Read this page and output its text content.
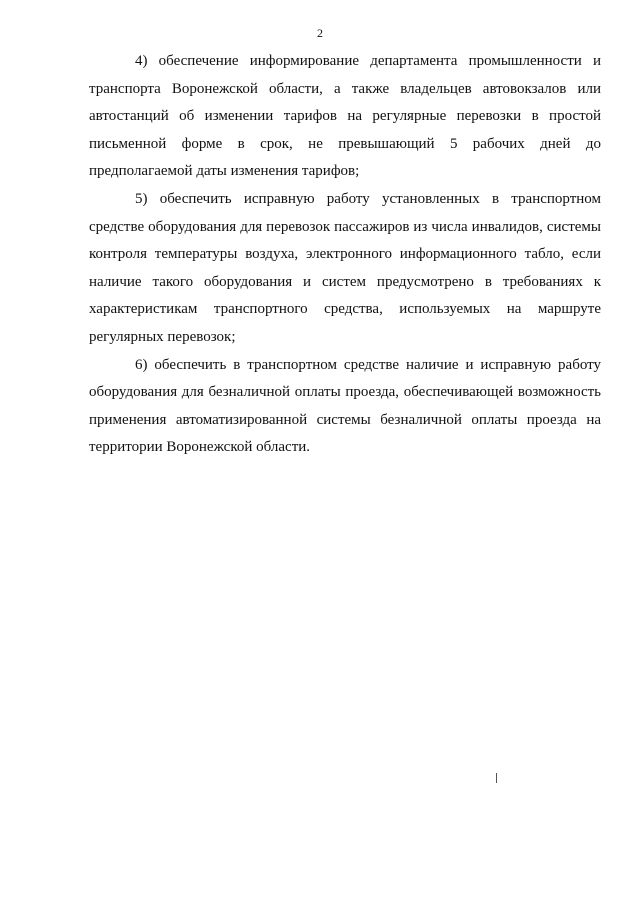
2

4) обеспечение информирование департамента промышленности и транспорта Воронежской области, а также владельцев автовокзалов или автостанций об изменении тарифов на регулярные перевозки в простой письменной форме в срок, не превышающий 5 рабочих дней до предполагаемой даты изменения тарифов;

5) обеспечить исправную работу установленных в транспортном средстве оборудования для перевозок пассажиров из числа инвалидов, системы контроля температуры воздуха, электронного информационного табло, если наличие такого оборудования и систем предусмотрено в требованиях к характеристикам транспортного средства, используемых на маршруте регулярных перевозок;

6) обеспечить в транспортном средстве наличие и исправную работу оборудования для безналичной оплаты проезда, обеспечивающей возможность применения автоматизированной системы безналичной оплаты проезда на территории Воронежской области.
